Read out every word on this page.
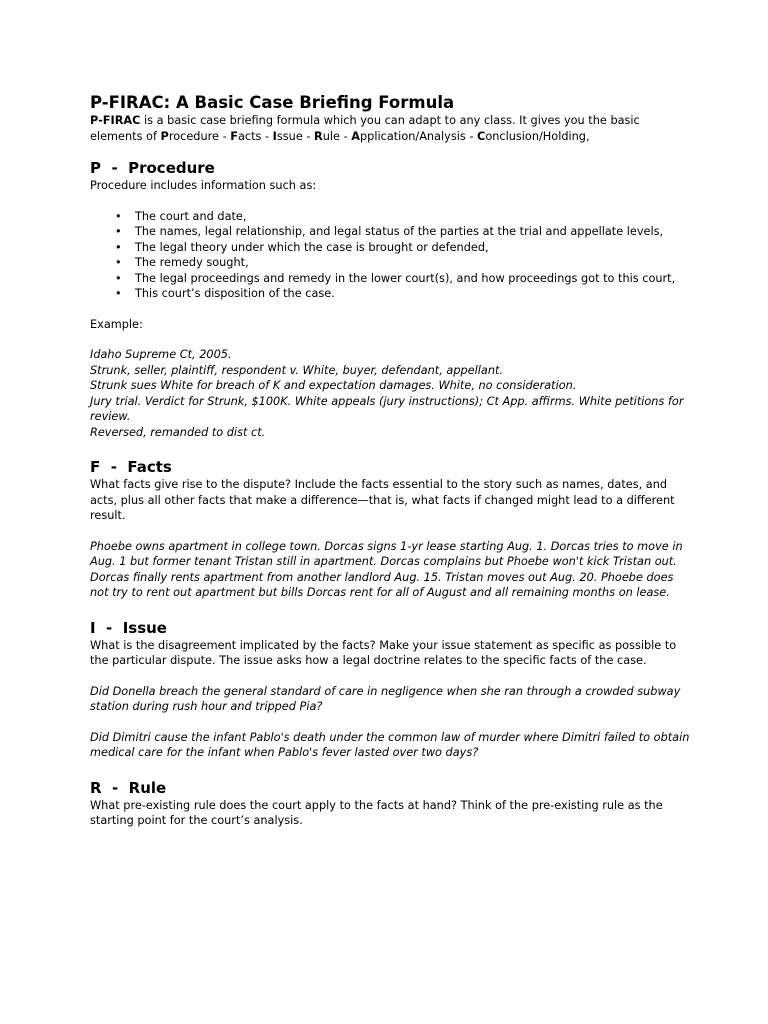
P-FIRAC: A Basic Case Briefing Formula

P-FIRAC is a basic case briefing formula which you can adapt to any class. It gives you the basic elements of Procedure - Facts - Issue - Rule - Application/Analysis - Conclusion/Holding,

P  -  Procedure

Procedure includes information such as:

• The court and date,
• The names, legal relationship, and legal status of the parties at the trial and appellate levels,
• The legal theory under which the case is brought or defended,
• The remedy sought,
• The legal proceedings and remedy in the lower court(s), and how proceedings got to this court,
• This court’s disposition of the case.

Example:

Idaho Supreme Ct, 2005.
Strunk, seller, plaintiff, respondent v. White, buyer, defendant, appellant.
Strunk sues White for breach of K and expectation damages. White, no consideration.
Jury trial. Verdict for Strunk, $100K. White appeals (jury instructions); Ct App. affirms. White petitions for review.
Reversed, remanded to dist ct.
F  -  Facts

What facts give rise to the dispute? Include the facts essential to the story such as names, dates, and acts, plus all other facts that make a difference—that is, what facts if changed might lead to a different result.

Phoebe owns apartment in college town. Dorcas signs 1-yr lease starting Aug. 1. Dorcas tries to move in Aug. 1 but former tenant Tristan still in apartment. Dorcas complains but Phoebe won't kick Tristan out. Dorcas finally rents apartment from another landlord Aug. 15. Tristan moves out Aug. 20. Phoebe does not try to rent out apartment but bills Dorcas rent for all of August and all remaining months on lease.

I  -  Issue

What is the disagreement implicated by the facts? Make your issue statement as specific as possible to the particular dispute. The issue asks how a legal doctrine relates to the specific facts of the case.

Did Donella breach the general standard of care in negligence when she ran through a crowded subway station during rush hour and tripped Pia?

Did Dimitri cause the infant Pablo's death under the common law of murder where Dimitri failed to obtain medical care for the infant when Pablo's fever lasted over two days?

R  -  Rule

What pre-existing rule does the court apply to the facts at hand? Think of the pre-existing rule as the starting point for the court’s analysis.
